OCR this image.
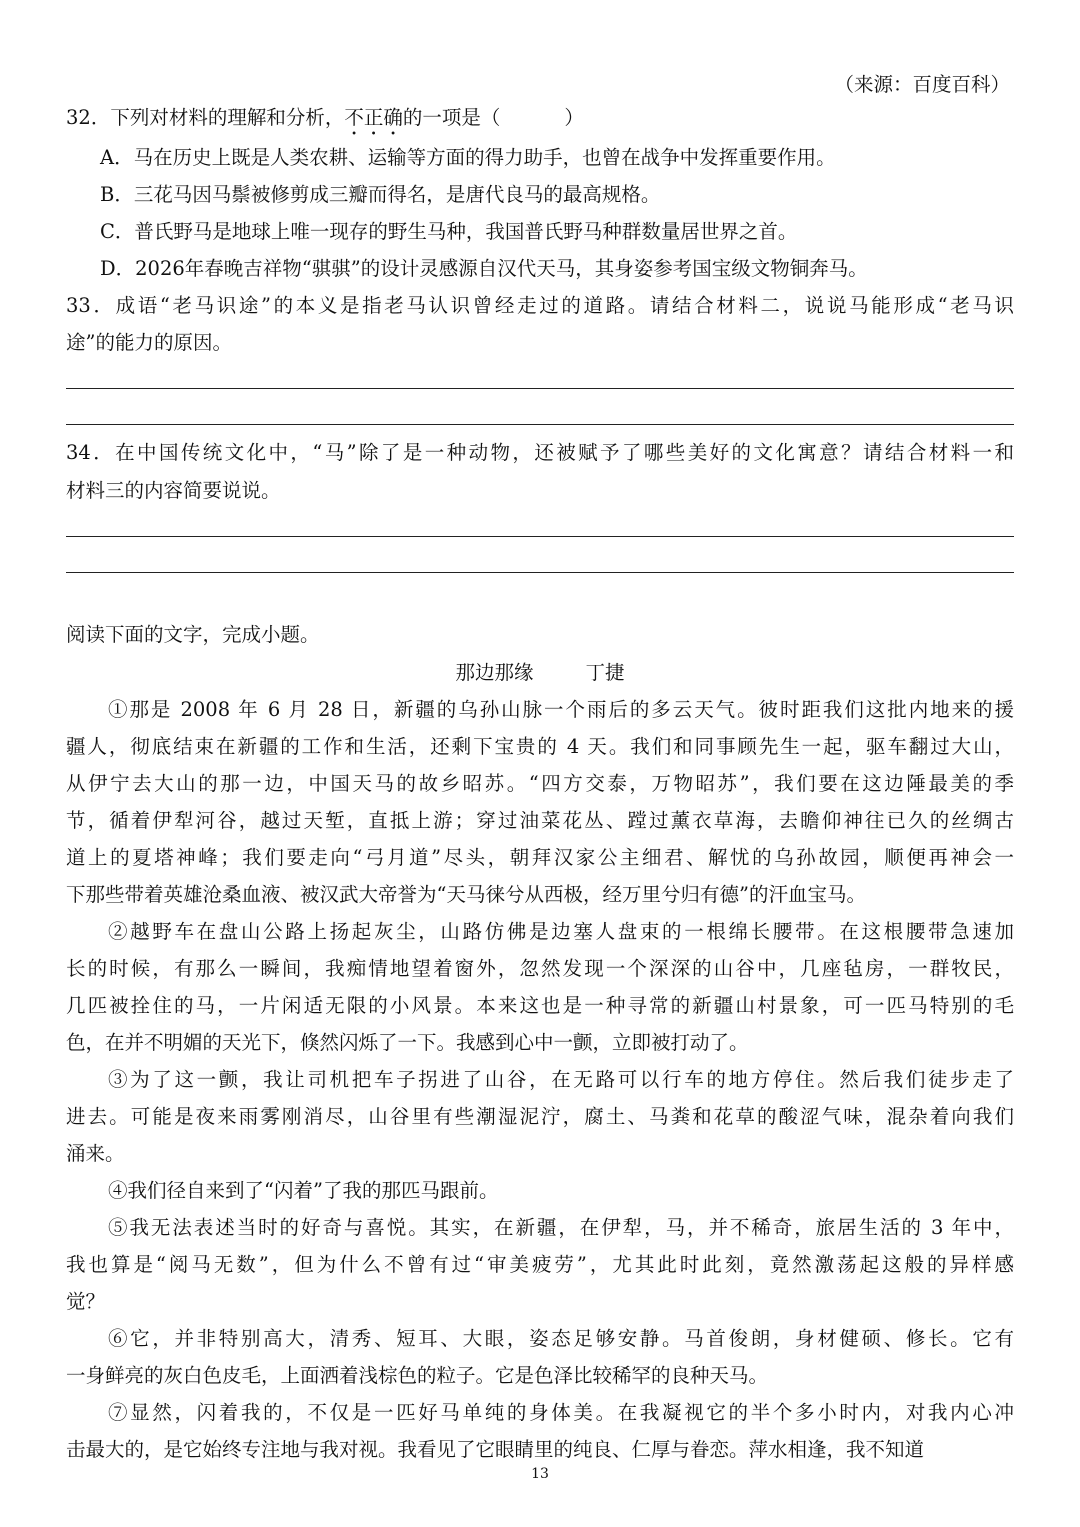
（来源：百度百科）
32．下列对材料的理解和分析，不正确的一项是（	）
A．马在历史上既是人类农耕、运输等方面的得力助手，也曾在战争中发挥重要作用。
B．三花马因马鬃被修剪成三瓣而得名，是唐代良马的最高规格。
C．普氏野马是地球上唯一现存的野生马种，我国普氏野马种群数量居世界之首。
D．2026年春晚吉祥物“骐骐”的设计灵感源自汉代天马，其身姿参考国宝级文物铜奔马。
33．成语“老马识途”的本义是指老马认识曾经走过的道路。请结合材料二，说说马能形成“老马识
途”的能力的原因。
34．在中国传统文化中，“马”除了是一种动物，还被赋予了哪些美好的文化寓意？请结合材料一和
材料三的内容简要说说。
阅读下面的文字，完成小题。
那边那缘	丁捷
①那是 2008 年 6 月 28 日，新疆的乌孙山脉一个雨后的多云天气。彼时距我们这批内地来的援
疆人，彻底结束在新疆的工作和生活，还剩下宝贵的 4 天。我们和同事顾先生一起，驱车翻过大山，
从伊宁去大山的那一边，中国天马的故乡昭苏。“四方交泰，万物昭苏”，我们要在这边陲最美的季
节，循着伊犁河谷，越过天堑，直抵上游；穿过油菜花丛、蹚过薰衣草海，去瞻仰神往已久的丝绸古
道上的夏塔神峰；我们要走向“弓月道”尽头，朝拜汉家公主细君、解忧的乌孙故园，顺便再神会一
下那些带着英雄沧桑血液、被汉武大帝誉为“天马徕兮从西极，经万里兮归有德”的汗血宝马。
②越野车在盘山公路上扬起灰尘，山路仿佛是边塞人盘束的一根绵长腰带。在这根腰带急速加
长的时候，有那么一瞬间，我痴情地望着窗外，忽然发现一个深深的山谷中，几座毡房，一群牧民，
几匹被拴住的马，一片闲适无限的小风景。本来这也是一种寻常的新疆山村景象，可一匹马特别的毛
色，在并不明媚的天光下，倏然闪烁了一下。我感到心中一颤，立即被打动了。
③为了这一颤，我让司机把车子拐进了山谷，在无路可以行车的地方停住。然后我们徒步走了
进去。可能是夜来雨雾刚消尽，山谷里有些潮湿泥泞，腐土、马粪和花草的酸涩气味，混杂着向我们
涌来。
④我们径自来到了“闪着”了我的那匹马跟前。
⑤我无法表述当时的好奇与喜悦。其实，在新疆，在伊犁，马，并不稀奇，旅居生活的 3 年中，
我也算是“阅马无数”，但为什么不曾有过“审美疲劳”，尤其此时此刻，竟然激荡起这般的异样感
觉？
⑥它，并非特别高大，清秀、短耳、大眼，姿态足够安静。马首俊朗，身材健硕、修长。它有
一身鲜亮的灰白色皮毛，上面洒着浅棕色的粒子。它是色泽比较稀罕的良种天马。
⑦显然，闪着我的，不仅是一匹好马单纯的身体美。在我凝视它的半个多小时内，对我内心冲
击最大的，是它始终专注地与我对视。我看见了它眼睛里的纯良、仁厚与眷恋。萍水相逢，我不知道
13
